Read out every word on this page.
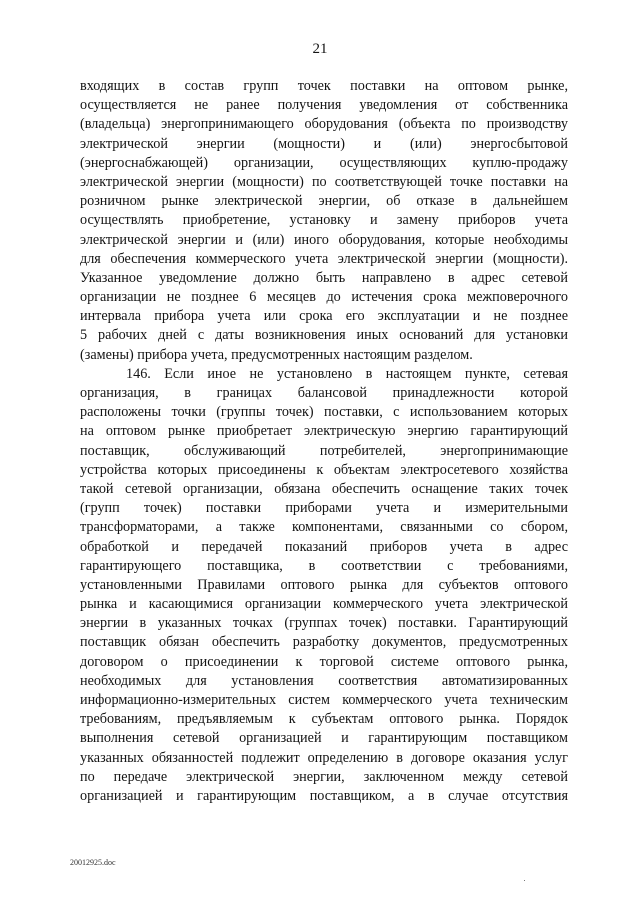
21
входящих в состав групп точек поставки на оптовом рынке,
осуществляется не ранее получения уведомления от собственника
(владельца) энергопринимающего оборудования (объекта по производству
электрической энергии (мощности) и (или) энергосбытовой
(энергоснабжающей) организации, осуществляющих куплю-продажу
электрической энергии (мощности) по соответствующей точке поставки на
розничном рынке электрической энергии, об отказе в дальнейшем
осуществлять приобретение, установку и замену приборов учета
электрической энергии и (или) иного оборудования, которые необходимы
для обеспечения коммерческого учета электрической энергии (мощности).
Указанное уведомление должно быть направлено в адрес сетевой
организации не позднее 6 месяцев до истечения срока межповерочного
интервала прибора учета или срока его эксплуатации и не позднее
5 рабочих дней с даты возникновения иных оснований для установки
(замены) прибора учета, предусмотренных настоящим разделом.
146. Если иное не установлено в настоящем пункте, сетевая
организация, в границах балансовой принадлежности которой
расположены точки (группы точек) поставки, с использованием которых
на оптовом рынке приобретает электрическую энергию гарантирующий
поставщик, обслуживающий потребителей, энергопринимающие
устройства которых присоединены к объектам электросетевого хозяйства
такой сетевой организации, обязана обеспечить оснащение таких точек
(групп точек) поставки приборами учета и измерительными
трансформаторами, а также компонентами, связанными со сбором,
обработкой и передачей показаний приборов учета в адрес
гарантирующего поставщика, в соответствии с требованиями,
установленными Правилами оптового рынка для субъектов оптового
рынка и касающимися организации коммерческого учета электрической
энергии в указанных точках (группах точек) поставки. Гарантирующий
поставщик обязан обеспечить разработку документов, предусмотренных
договором о присоединении к торговой системе оптового рынка,
необходимых для установления соответствия автоматизированных
информационно-измерительных систем коммерческого учета техническим
требованиям, предъявляемым к субъектам оптового рынка. Порядок
выполнения сетевой организацией и гарантирующим поставщиком
указанных обязанностей подлежит определению в договоре оказания услуг
по передаче электрической энергии, заключенном между сетевой
организацией и гарантирующим поставщиком, а в случае отсутствия
20012925.doc
